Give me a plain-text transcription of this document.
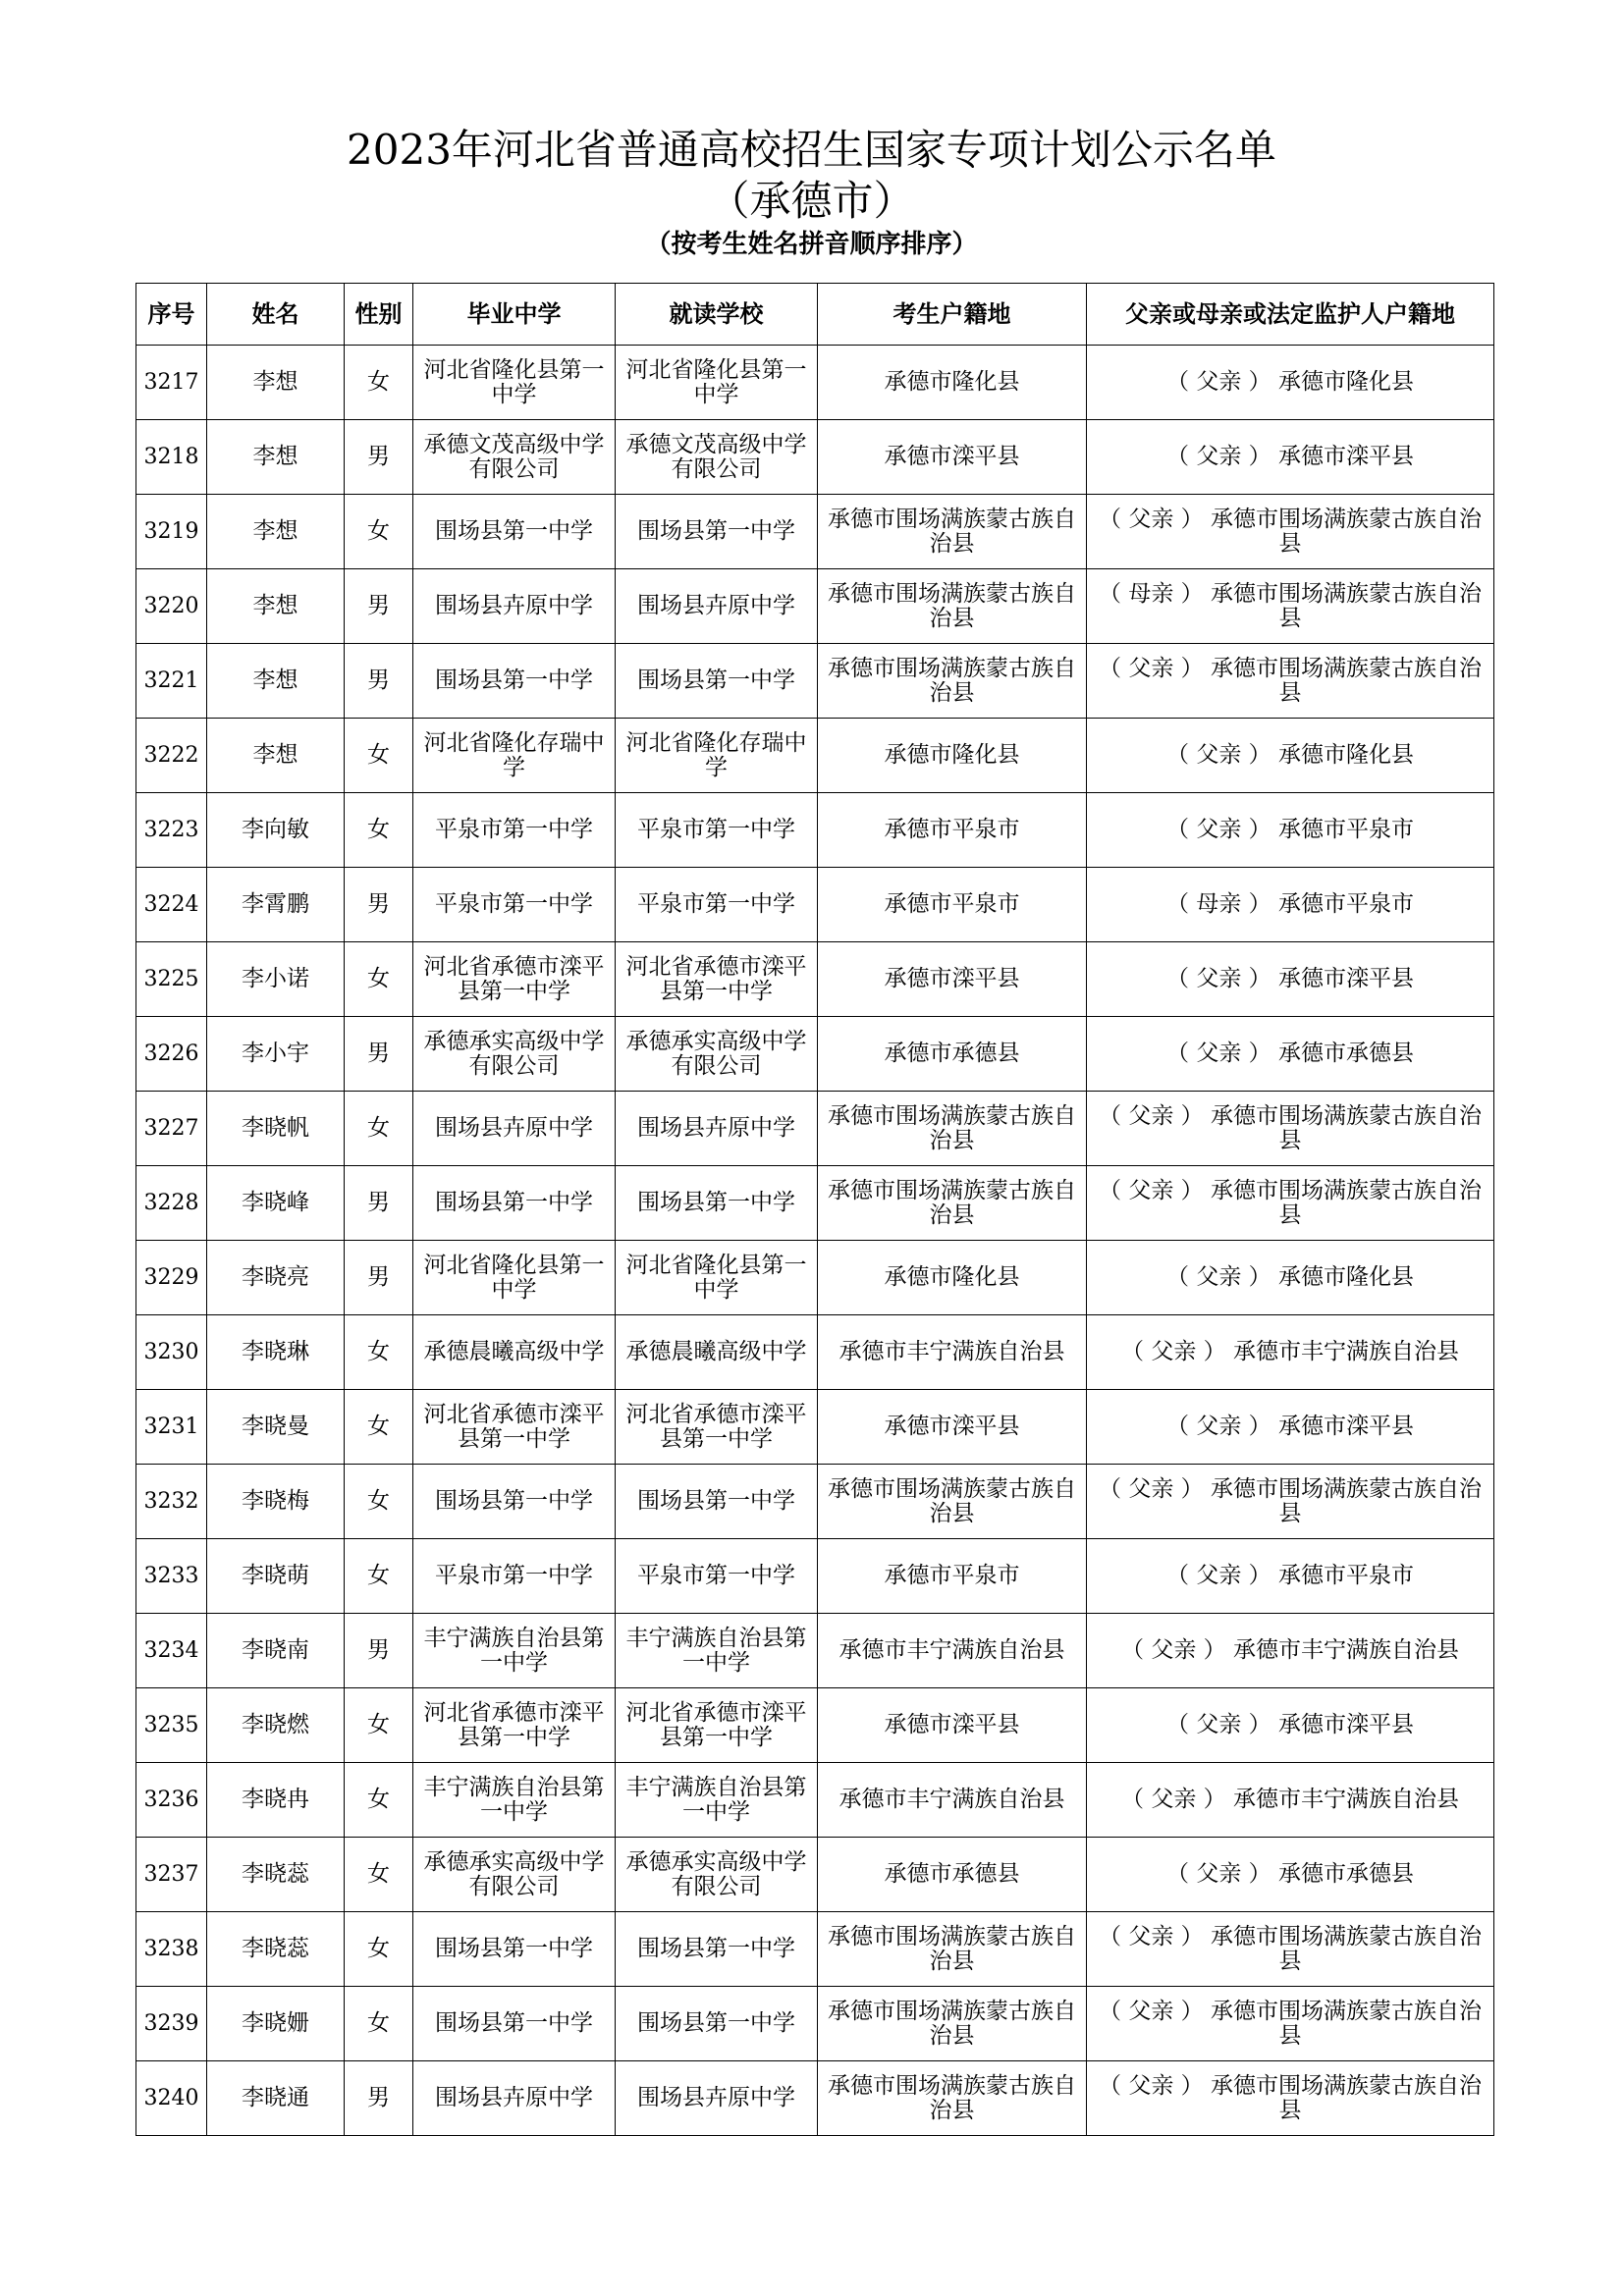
2023年河北省普通高校招生国家专项计划公示名单
（承德市）
（按考生姓名拼音顺序排序）
序号	姓名	性别	毕业中学	就读学校	考生户籍地	父亲或母亲或法定监护人户籍地
3217	李想	女	河北省隆化县第一中学	河北省隆化县第一中学	承德市隆化县	（ 父亲 ） 承德市隆化县
3218	李想	男	承德文茂高级中学有限公司	承德文茂高级中学有限公司	承德市滦平县	（ 父亲 ） 承德市滦平县
3219	李想	女	围场县第一中学	围场县第一中学	承德市围场满族蒙古族自治县	（ 父亲 ） 承德市围场满族蒙古族自治县
3220	李想	男	围场县卉原中学	围场县卉原中学	承德市围场满族蒙古族自治县	（ 母亲 ） 承德市围场满族蒙古族自治县
3221	李想	男	围场县第一中学	围场县第一中学	承德市围场满族蒙古族自治县	（ 父亲 ） 承德市围场满族蒙古族自治县
3222	李想	女	河北省隆化存瑞中学	河北省隆化存瑞中学	承德市隆化县	（ 父亲 ） 承德市隆化县
3223	李向敏	女	平泉市第一中学	平泉市第一中学	承德市平泉市	（ 父亲 ） 承德市平泉市
3224	李霄鹏	男	平泉市第一中学	平泉市第一中学	承德市平泉市	（ 母亲 ） 承德市平泉市
3225	李小诺	女	河北省承德市滦平县第一中学	河北省承德市滦平县第一中学	承德市滦平县	（ 父亲 ） 承德市滦平县
3226	李小宇	男	承德承实高级中学有限公司	承德承实高级中学有限公司	承德市承德县	（ 父亲 ） 承德市承德县
3227	李晓帆	女	围场县卉原中学	围场县卉原中学	承德市围场满族蒙古族自治县	（ 父亲 ） 承德市围场满族蒙古族自治县
3228	李晓峰	男	围场县第一中学	围场县第一中学	承德市围场满族蒙古族自治县	（ 父亲 ） 承德市围场满族蒙古族自治县
3229	李晓亮	男	河北省隆化县第一中学	河北省隆化县第一中学	承德市隆化县	（ 父亲 ） 承德市隆化县
3230	李晓琳	女	承德晨曦高级中学	承德晨曦高级中学	承德市丰宁满族自治县	（ 父亲 ） 承德市丰宁满族自治县
3231	李晓曼	女	河北省承德市滦平县第一中学	河北省承德市滦平县第一中学	承德市滦平县	（ 父亲 ） 承德市滦平县
3232	李晓梅	女	围场县第一中学	围场县第一中学	承德市围场满族蒙古族自治县	（ 父亲 ） 承德市围场满族蒙古族自治县
3233	李晓萌	女	平泉市第一中学	平泉市第一中学	承德市平泉市	（ 父亲 ） 承德市平泉市
3234	李晓南	男	丰宁满族自治县第一中学	丰宁满族自治县第一中学	承德市丰宁满族自治县	（ 父亲 ） 承德市丰宁满族自治县
3235	李晓燃	女	河北省承德市滦平县第一中学	河北省承德市滦平县第一中学	承德市滦平县	（ 父亲 ） 承德市滦平县
3236	李晓冉	女	丰宁满族自治县第一中学	丰宁满族自治县第一中学	承德市丰宁满族自治县	（ 父亲 ） 承德市丰宁满族自治县
3237	李晓蕊	女	承德承实高级中学有限公司	承德承实高级中学有限公司	承德市承德县	（ 父亲 ） 承德市承德县
3238	李晓蕊	女	围场县第一中学	围场县第一中学	承德市围场满族蒙古族自治县	（ 父亲 ） 承德市围场满族蒙古族自治县
3239	李晓姗	女	围场县第一中学	围场县第一中学	承德市围场满族蒙古族自治县	（ 父亲 ） 承德市围场满族蒙古族自治县
3240	李晓通	男	围场县卉原中学	围场县卉原中学	承德市围场满族蒙古族自治县	（ 父亲 ） 承德市围场满族蒙古族自治县
